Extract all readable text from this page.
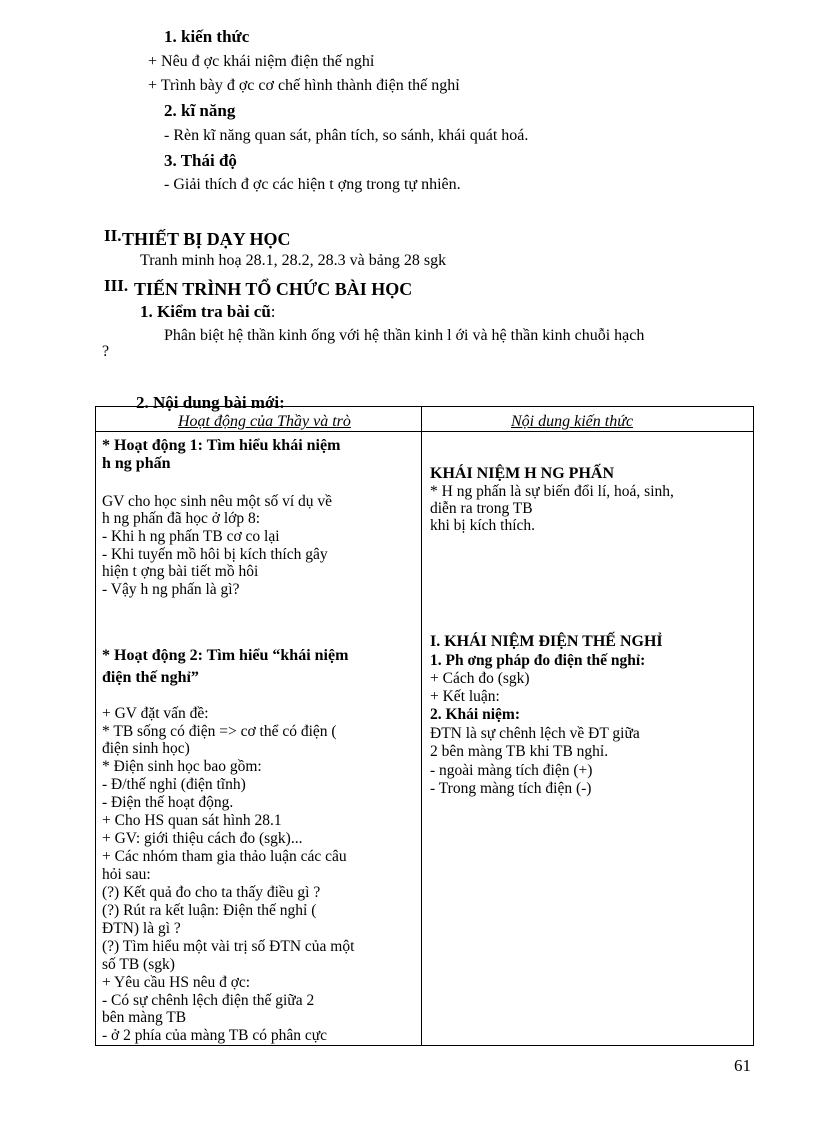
1. kiến thức
+ Nêu đ ợc khái niệm điện thế nghỉ
+ Trình bày đ ợc cơ chế hình thành điện thế nghỉ
2. kĩ năng
- Rèn kĩ năng quan sát, phân tích, so sánh, khái quát hoá.
3. Thái độ
- Giải thích đ ợc các hiện t ợng trong tự nhiên.
II. THIẾT BỊ DẠY HỌC
Tranh minh hoạ 28.1, 28.2, 28.3 và bảng 28 sgk
III. TIẾN TRÌNH TỔ CHỨC BÀI HỌC
1. Kiểm tra bài cũ:
Phân biệt hệ thần kinh ống với hệ thần kinh l ới và hệ thần kinh chuỗi hạch
?
2. Nội dung bài mới:
Hoạt động của Thầy và trò	Nội dung kiến thức
* Hoạt động 1: Tìm hiểu khái niệm
h ng phấn
GV cho học sinh nêu một số ví dụ về
h ng phấn đã học ở lớp 8:
- Khi h ng phấn TB cơ co lại
- Khi tuyến mồ hôi bị kích thích gây
hiện t ợng bài tiết mồ hôi
- Vậy h ng phấn là gì?
* Hoạt động 2: Tìm hiểu “khái niệm
điện thế nghỉ”
+ GV đặt vấn đề:
* TB sống có điện => cơ thể có điện (
điện sinh học)
* Điện sinh học bao gồm:
- Đ/thế nghỉ (điện tĩnh)
- Điện thế hoạt động.
+ Cho HS quan sát hình 28.1
+ GV: giới thiệu cách đo (sgk)...
+ Các nhóm tham gia thảo luận các câu
hỏi sau:
(?) Kết quả đo cho ta thấy điều gì ?
(?) Rút ra kết luận: Điện thế nghỉ (
ĐTN) là gì ?
(?) Tìm hiểu một vài trị số ĐTN của một
số TB (sgk)
+ Yêu cầu HS nêu đ ợc:
- Có sự chênh lệch điện thế giữa 2
bên màng TB
- ở 2 phía của màng TB có phân cực
KHÁI NIỆM H NG PHẤN
* H ng phấn là sự biến đổi lí, hoá, sinh,
diễn ra trong TB
khi bị kích thích.
I. KHÁI NIỆM ĐIỆN THẾ NGHỈ
1. Ph ơng pháp đo điện thế nghỉ:
+ Cách đo (sgk)
+ Kết luận:
2. Khái niệm:
ĐTN là sự chênh lệch về ĐT giữa
2 bên màng TB khi TB nghỉ.
- ngoài màng tích điện (+)
- Trong màng tích điện (-)
61
